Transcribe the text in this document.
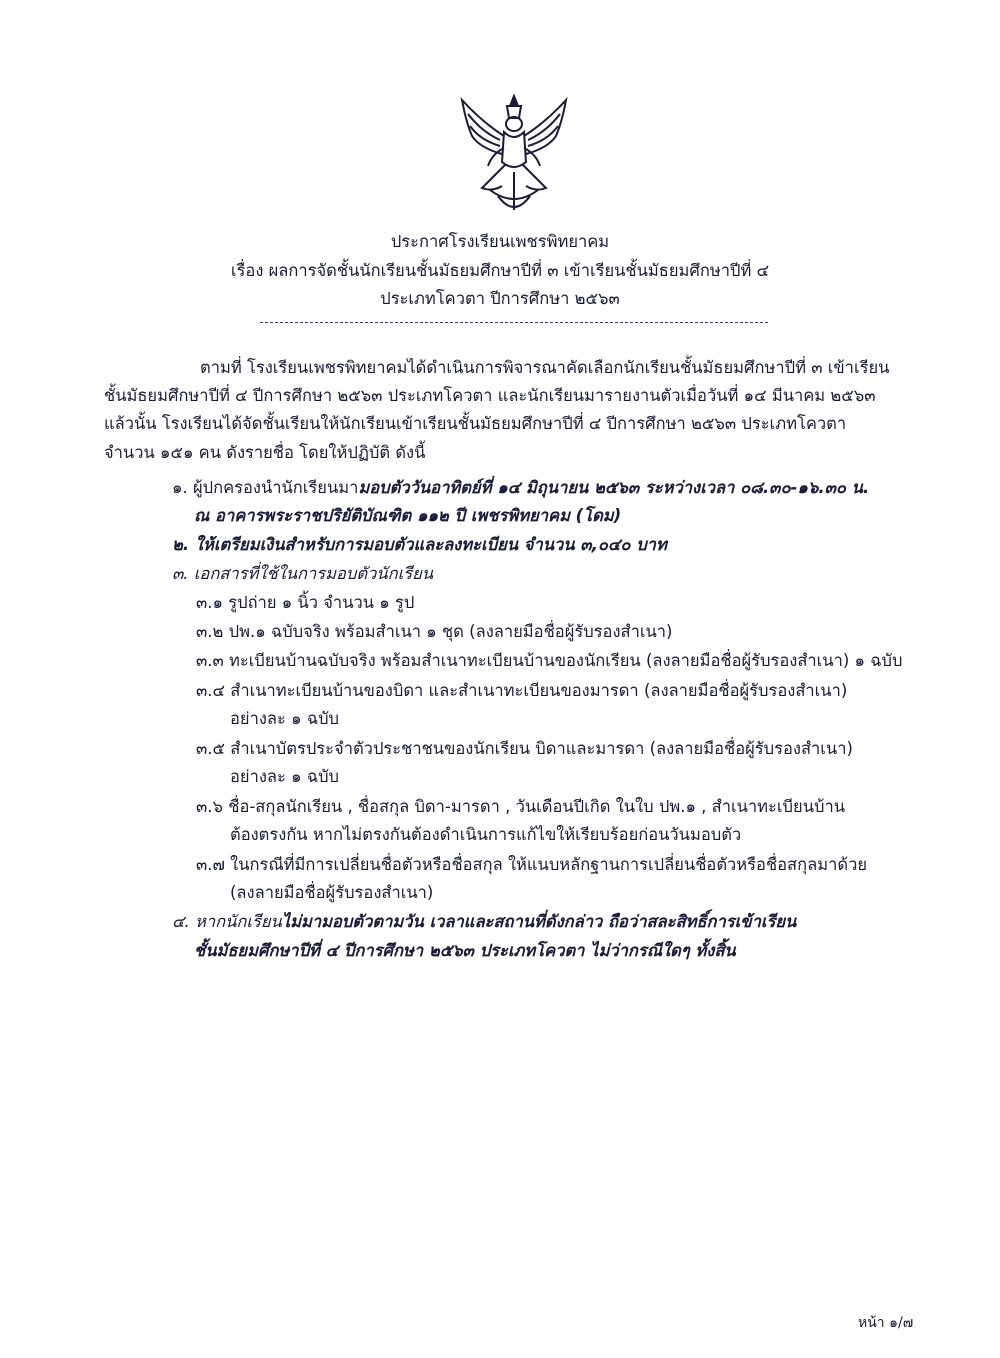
ประกาศโรงเรียนเพชรพิทยาคม
เรื่อง ผลการจัดชั้นนักเรียนชั้นมัธยมศึกษาปีที่ ๓ เข้าเรียนชั้นมัธยมศึกษาปีที่ ๔
ประเภทโควตา ปีการศึกษา ๒๕๖๓
ตามที่ โรงเรียนเพชรพิทยาคมได้ดำเนินการพิจารณาคัดเลือกนักเรียนชั้นมัธยมศึกษาปีที่ ๓ เข้าเรียน
ชั้นมัธยมศึกษาปีที่ ๔ ปีการศึกษา ๒๕๖๓ ประเภทโควตา และนักเรียนมารายงานตัวเมื่อวันที่ ๑๔ มีนาคม ๒๕๖๓
แล้วนั้น โรงเรียนได้จัดชั้นเรียนให้นักเรียนเข้าเรียนชั้นมัธยมศึกษาปีที่ ๔ ปีการศึกษา ๒๕๖๓ ประเภทโควตา
จำนวน ๑๕๑ คน ดังรายชื่อ โดยให้ปฏิบัติ ดังนี้
๑. ผู้ปกครองนำนักเรียนมามอบตัววันอาทิตย์ที่ ๑๔ มิถุนายน ๒๕๖๓ ระหว่างเวลา ๐๘.๓๐-๑๖.๓๐ น.
ณ อาคารพระราชปริยัติบัณฑิต ๑๑๒ ปี เพชรพิทยาคม (โดม)
๒. ให้เตรียมเงินสำหรับการมอบตัวและลงทะเบียน จำนวน ๓,๐๔๐ บาท
๓. เอกสารที่ใช้ในการมอบตัวนักเรียน
๓.๑ รูปถ่าย ๑ นิ้ว จำนวน ๑ รูป
๓.๒ ปพ.๑ ฉบับจริง พร้อมสำเนา ๑ ชุด (ลงลายมือชื่อผู้รับรองสำเนา)
๓.๓ ทะเบียนบ้านฉบับจริง พร้อมสำเนาทะเบียนบ้านของนักเรียน (ลงลายมือชื่อผู้รับรองสำเนา) ๑ ฉบับ
๓.๔ สำเนาทะเบียนบ้านของบิดา และสำเนาทะเบียนของมารดา (ลงลายมือชื่อผู้รับรองสำเนา)
อย่างละ ๑ ฉบับ
๓.๕ สำเนาบัตรประจำตัวประชาชนของนักเรียน บิดาและมารดา (ลงลายมือชื่อผู้รับรองสำเนา)
อย่างละ ๑ ฉบับ
๓.๖ ชื่อ-สกุลนักเรียน , ชื่อสกุล บิดา-มารดา , วันเดือนปีเกิด ในใบ ปพ.๑ , สำเนาทะเบียนบ้าน
ต้องตรงกัน หากไม่ตรงกันต้องดำเนินการแก้ไขให้เรียบร้อยก่อนวันมอบตัว
๓.๗ ในกรณีที่มีการเปลี่ยนชื่อตัวหรือชื่อสกุล ให้แนบหลักฐานการเปลี่ยนชื่อตัวหรือชื่อสกุลมาด้วย
(ลงลายมือชื่อผู้รับรองสำเนา)
๔. หากนักเรียนไม่มามอบตัวตามวัน เวลาและสถานที่ดังกล่าว ถือว่าสละสิทธิ์การเข้าเรียน
ชั้นมัธยมศึกษาปีที่ ๔ ปีการศึกษา ๒๕๖๓ ประเภทโควตา ไม่ว่ากรณีใดๆ ทั้งสิ้น
หน้า ๑/๗
